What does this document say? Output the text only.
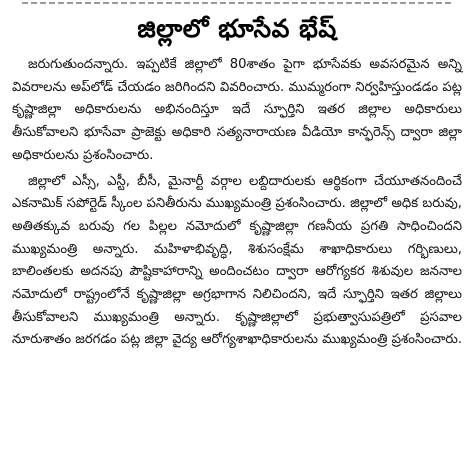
జిల్లాలో భూసేవ భేష్

జరుగుతుందన్నారు. ఇప్పటికే జిల్లాలో 80శాతం పైగా భూసేవకు అవసరమైన అన్ని వివరాలను అప్‌లోడ్ చేయడం జరిగిందని వివరించారు. ముమ్మరంగా నిర్వహిస్తుండడం పట్ల కృష్ణాజిల్లా అధికారులను అభినందిస్తూ ఇదే స్ఫూర్తిని ఇతర జిల్లాల అధికారులు తీసుకోవాలని భూసేవా ప్రాజెక్టు అధికారి సత్యనారాయణ వీడియో కాన్ఫరెన్స్ ద్వారా జిల్లా అధికారులను ప్రశంసించారు.

జిల్లాలో ఎస్సీ, ఎస్టీ, బీసీ, మైనార్టీ వర్గాల లబ్దిదారులకు ఆర్థికంగా చేయూతనందించే ఎకనామిక్ సపోర్టెడ్ స్కీంల పనితీరును ముఖ్యమంత్రి ప్రశంసించారు. జిల్లాలో అధిక బరువు, అతితక్కువ బరువు గల పిల్లల నమోదులో కృష్ణాజిల్లా గణనీయ ప్రగతి సాధించిందని ముఖ్యమంత్రి అన్నారు. మహిళాభివృద్ధి, శిశుసంక్షేమ శాఖాధికారులు గర్భిణులు, బాలింతలకు అదనపు పౌష్టికాహారాన్ని అందించటం ద్వారా ఆరోగ్యకర శిశువుల జననాల నమోదులో రాష్ట్రంలోనే కృష్ణాజిల్లా అగ్రభాగాన నిలిచిందని, ఇదే స్ఫూర్తిని ఇతర జిల్లాలు తీసుకోవాలని ముఖ్యమంత్రి అన్నారు. కృష్ణాజిల్లాలో ప్రభుత్వాసుపత్రిలో ప్రసవాల నూరుశాతం జరగడం పట్ల జిల్లా వైద్య ఆరోగ్యశాఖాధికారులను ముఖ్యమంత్రి ప్రశంసించారు.
